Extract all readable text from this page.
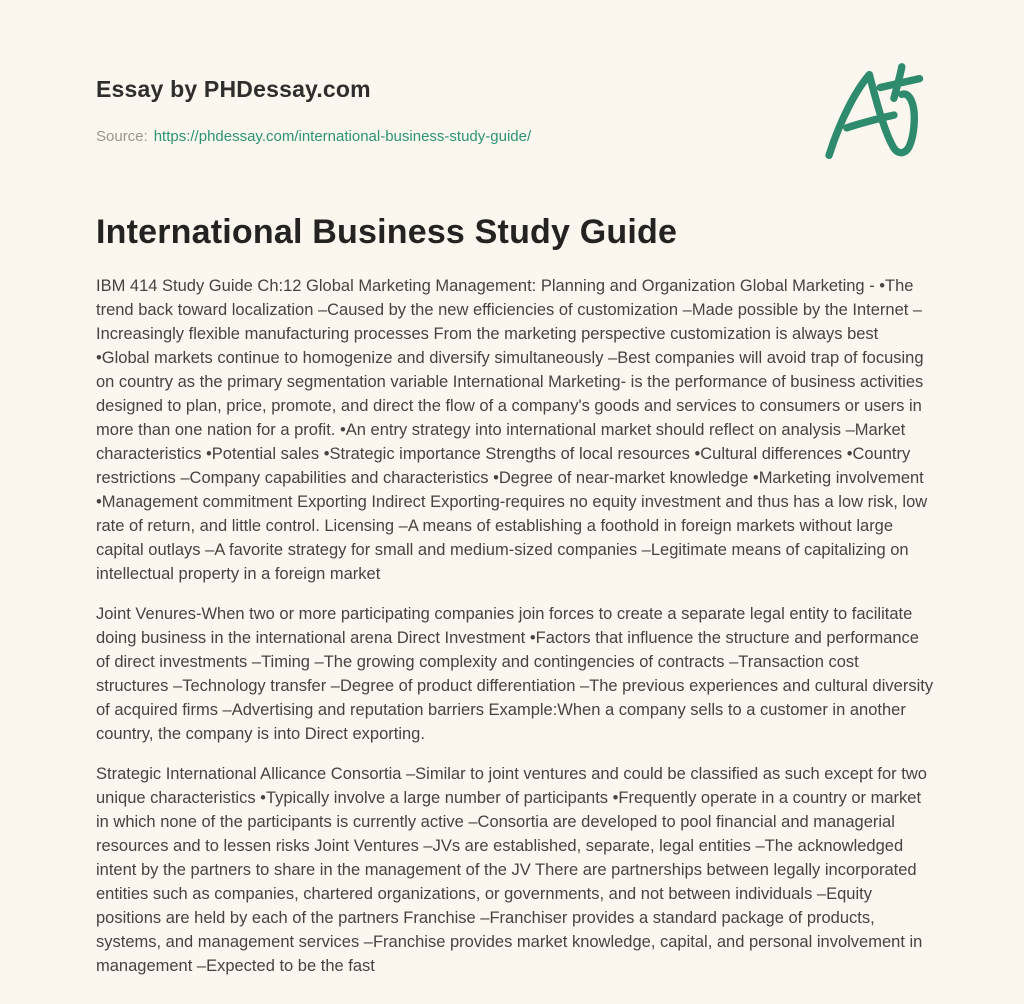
Essay by PHDessay.com
Source: https://phdessay.com/international-business-study-guide/
International Business Study Guide

IBM 414 Study Guide Ch:12 Global Marketing Management: Planning and Organization Global Marketing - •The trend back toward localization –Caused by the new efficiencies of customization –Made possible by the Internet –Increasingly flexible manufacturing processes From the marketing perspective customization is always best •Global markets continue to homogenize and diversify simultaneously –Best companies will avoid trap of focusing on country as the primary segmentation variable International Marketing- is the performance of business activities designed to plan, price, promote, and direct the flow of a company's goods and services to consumers or users in more than one nation for a profit. •An entry strategy into international market should reflect on analysis –Market characteristics •Potential sales •Strategic importance Strengths of local resources •Cultural differences •Country restrictions –Company capabilities and characteristics •Degree of near-market knowledge •Marketing involvement •Management commitment Exporting Indirect Exporting-requires no equity investment and thus has a low risk, low rate of return, and little control. Licensing –A means of establishing a foothold in foreign markets without large capital outlays –A favorite strategy for small and medium-sized companies –Legitimate means of capitalizing on intellectual property in a foreign market

Joint Venures-When two or more participating companies join forces to create a separate legal entity to facilitate doing business in the international arena Direct Investment •Factors that influence the structure and performance of direct investments –Timing –The growing complexity and contingencies of contracts –Transaction cost structures –Technology transfer –Degree of product differentiation –The previous experiences and cultural diversity of acquired firms –Advertising and reputation barriers Example:When a company sells to a customer in another country, the company is into Direct exporting.

Strategic International Allicance Consortia –Similar to joint ventures and could be classified as such except for two unique characteristics •Typically involve a large number of participants •Frequently operate in a country or market in which none of the participants is currently active –Consortia are developed to pool financial and managerial resources and to lessen risks Joint Ventures –JVs are established, separate, legal entities –The acknowledged intent by the partners to share in the management of the JV There are partnerships between legally incorporated entities such as companies, chartered organizations, or governments, and not between individuals –Equity positions are held by each of the partners Franchise –Franchiser provides a standard package of products, systems, and management services –Franchise provides market knowledge, capital, and personal involvement in management –Expected to be the fast
